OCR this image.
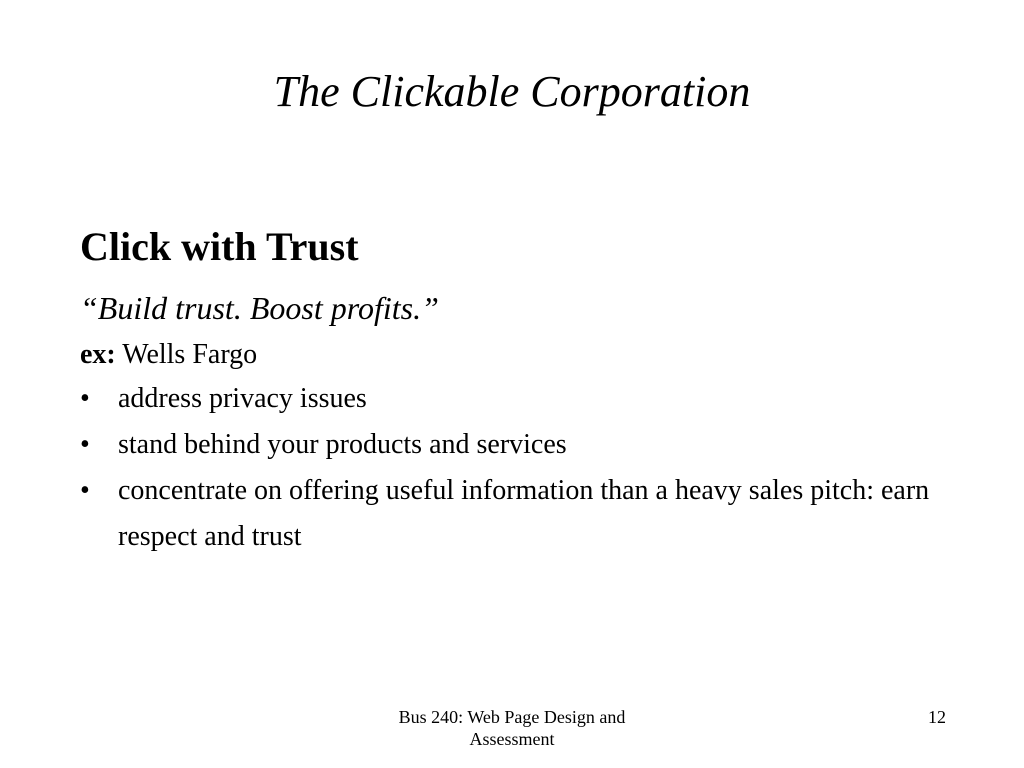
The Clickable Corporation
Click with Trust
“Build trust. Boost profits.”
ex: Wells Fargo
• address privacy issues
• stand behind your products and services
• concentrate on offering useful information than a heavy sales pitch: earn respect and trust
Bus 240: Web Page Design and
Assessment
12
